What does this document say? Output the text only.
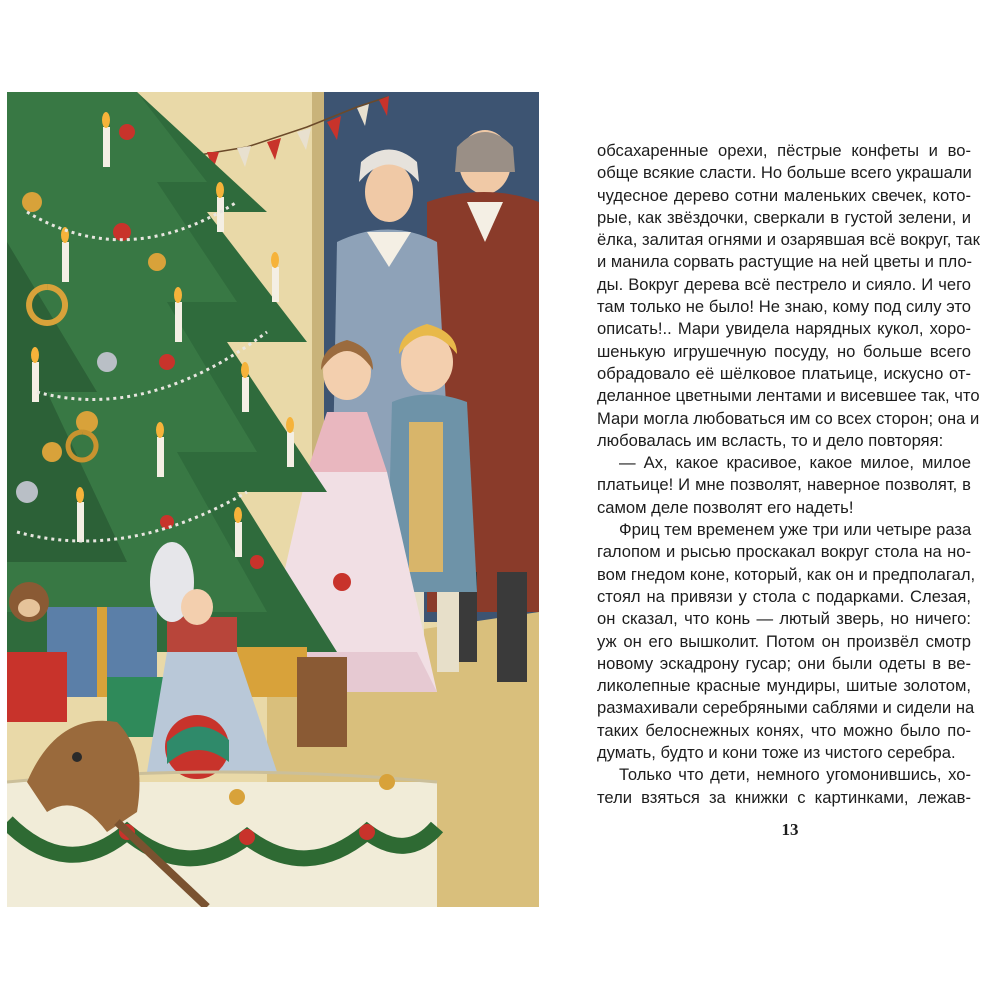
обсахаренные орехи, пёстрые конфеты и во-
обще всякие сласти. Но больше всего украшали
чудесное дерево сотни маленьких свечек, кото-
рые, как звёздочки, сверкали в густой зелени, и
ёлка, залитая огнями и озарявшая всё вокруг, так
и манила сорвать растущие на ней цветы и пло-
ды. Вокруг дерева всё пестрело и сияло. И чего
там только не было! Не знаю, кому под силу это
описать!.. Мари увидела нарядных кукол, хоро-
шенькую игрушечную посуду, но больше всего
обрадовало её шёлковое платьице, искусно от-
деланное цветными лентами и висевшее так, что
Мари могла любоваться им со всех сторон; она и
любовалась им всласть, то и дело повторяя:
— Ах, какое красивое, какое милое, милое
платьице! И мне позволят, наверное позволят, в
самом деле позволят его надеть!
Фриц тем временем уже три или четыре раза
галопом и рысью проскакал вокруг стола на но-
вом гнедом коне, который, как он и предполагал,
стоял на привязи у стола с подарками. Слезая,
он сказал, что конь — лютый зверь, но ничего:
уж он его вышколит. Потом он произвёл смотр
новому эскадрону гусар; они были одеты в ве-
ликолепные красные мундиры, шитые золотом,
размахивали серебряными саблями и сидели на
таких белоснежных конях, что можно было по-
думать, будто и кони тоже из чистого серебра.
Только что дети, немного угомонившись, хо-
тели взяться за книжки с картинками, лежав-
13
